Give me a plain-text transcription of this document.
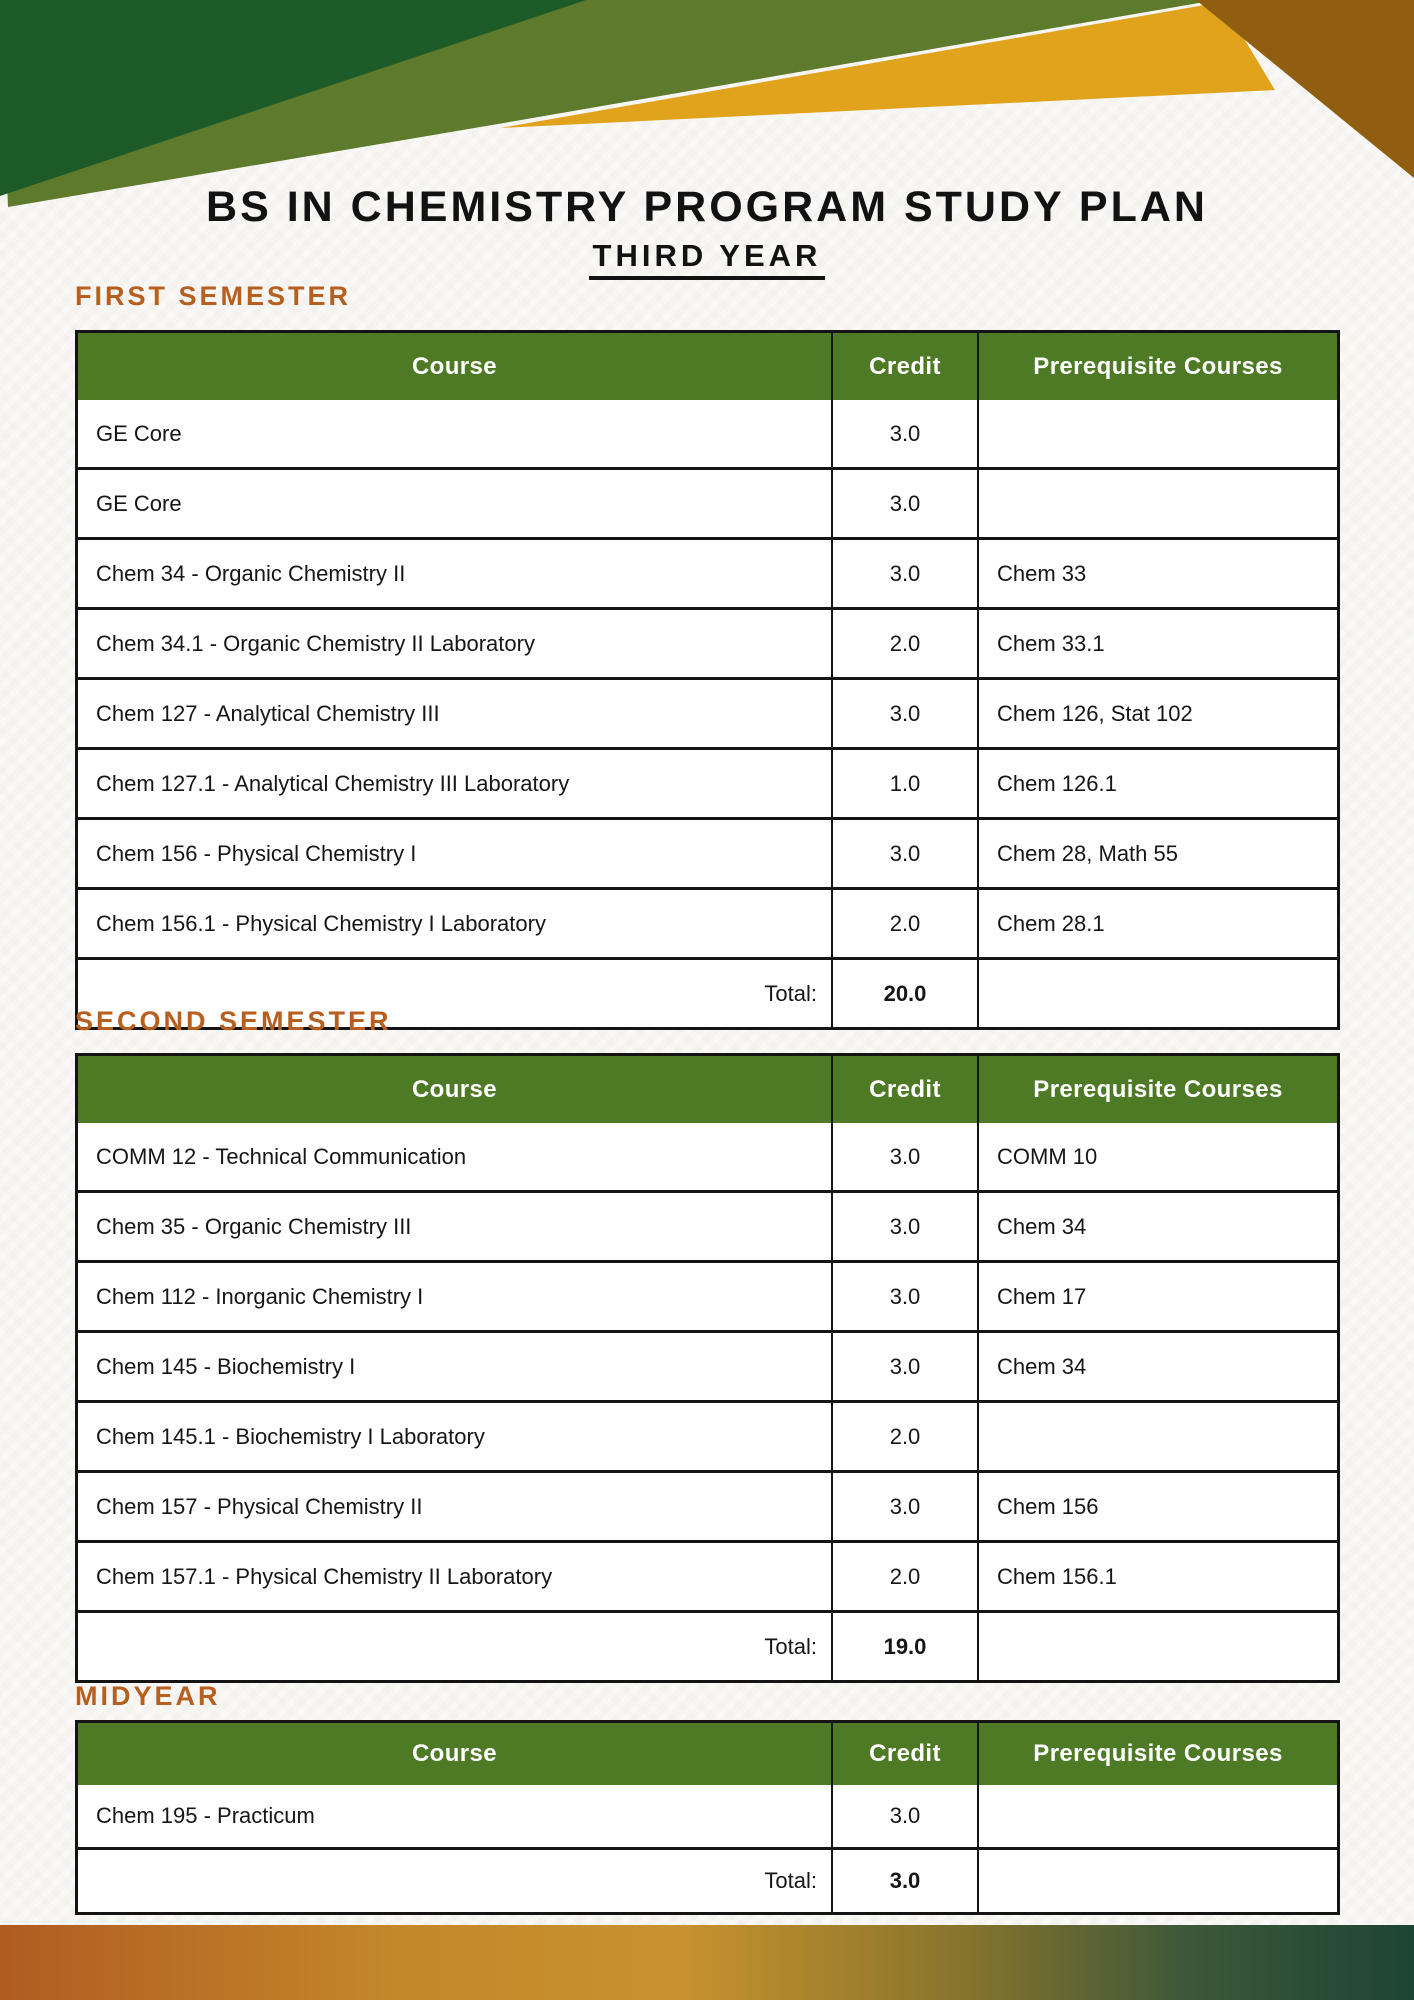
BS IN CHEMISTRY PROGRAM STUDY PLAN
THIRD YEAR
FIRST SEMESTER
Course	Credit	Prerequisite Courses
GE Core	3.0
GE Core	3.0
Chem 34 - Organic Chemistry II	3.0	Chem 33
Chem 34.1 - Organic Chemistry II Laboratory	2.0	Chem 33.1
Chem 127 - Analytical Chemistry III	3.0	Chem 126, Stat 102
Chem 127.1 - Analytical Chemistry III Laboratory	1.0	Chem 126.1
Chem 156 - Physical Chemistry I	3.0	Chem 28, Math 55
Chem 156.1 - Physical Chemistry I Laboratory	2.0	Chem 28.1
Total:	20.0
SECOND SEMESTER
Course	Credit	Prerequisite Courses
COMM 12 - Technical Communication	3.0	COMM 10
Chem 35 - Organic Chemistry III	3.0	Chem 34
Chem 112 - Inorganic Chemistry I	3.0	Chem 17
Chem 145 - Biochemistry I	3.0	Chem 34
Chem 145.1 - Biochemistry I Laboratory	2.0
Chem 157 - Physical Chemistry II	3.0	Chem 156
Chem 157.1 - Physical Chemistry II Laboratory	2.0	Chem 156.1
Total:	19.0
MIDYEAR
Course	Credit	Prerequisite Courses
Chem 195 - Practicum	3.0
Total:	3.0
